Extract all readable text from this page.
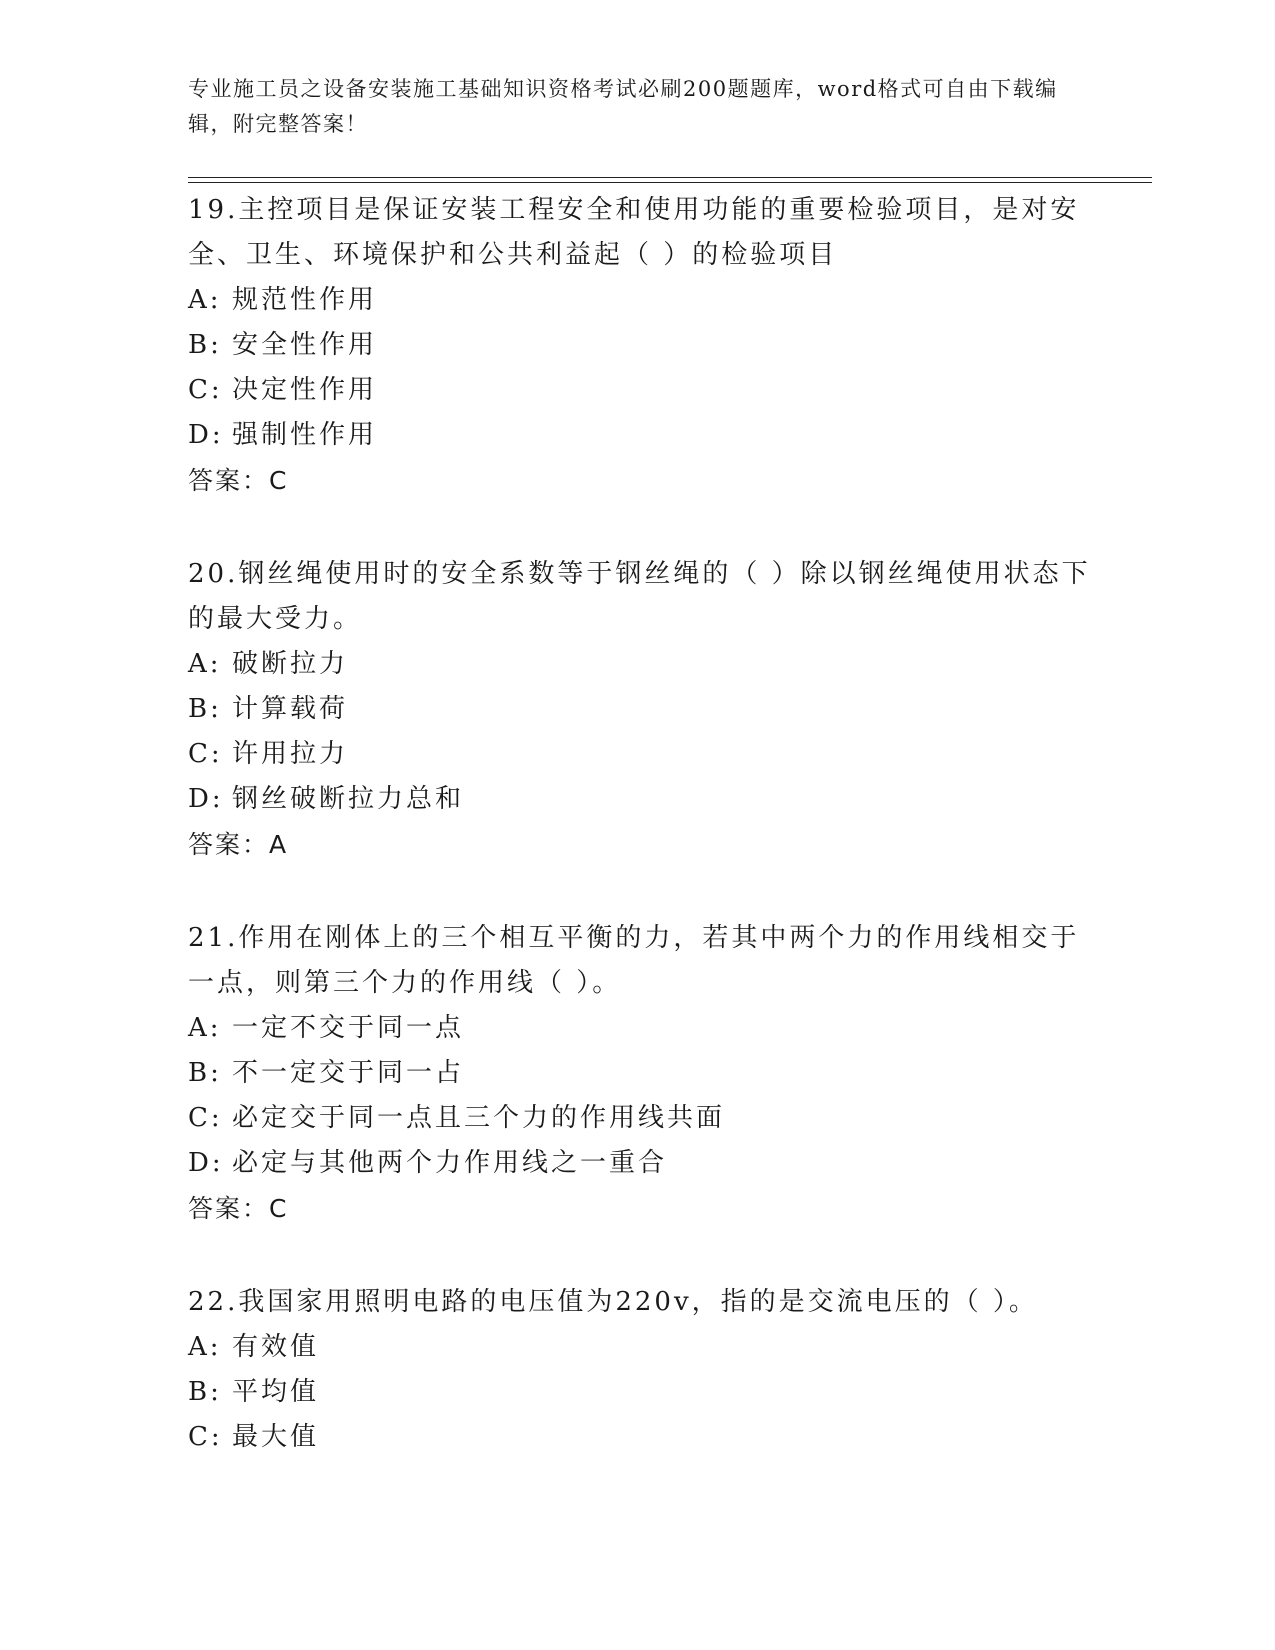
专业施工员之设备安装施工基础知识资格考试必刷200题题库，word格式可自由下载编辑，附完整答案！
19.主控项目是保证安装工程安全和使用功能的重要检验项目，是对安全、卫生、环境保护和公共利益起（ ）的检验项目
A: 规范性作用
B: 安全性作用
C: 决定性作用
D: 强制性作用
答案：C
20.钢丝绳使用时的安全系数等于钢丝绳的（ ）除以钢丝绳使用状态下的最大受力。
A: 破断拉力
B: 计算载荷
C: 许用拉力
D: 钢丝破断拉力总和
答案：A
21.作用在刚体上的三个相互平衡的力，若其中两个力的作用线相交于一点，则第三个力的作用线（ ）。
A: 一定不交于同一点
B: 不一定交于同一占
C: 必定交于同一点且三个力的作用线共面
D: 必定与其他两个力作用线之一重合
答案：C
22.我国家用照明电路的电压值为220v，指的是交流电压的（ ）。
A: 有效值
B: 平均值
C: 最大值
